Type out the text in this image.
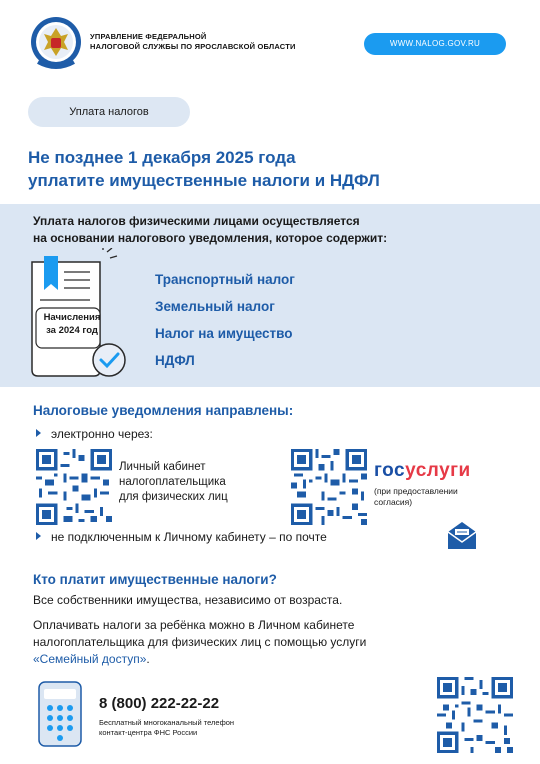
УПРАВЛЕНИЕ ФЕДЕРАЛЬНОЙ
НАЛОГОВОЙ СЛУЖБЫ ПО ЯРОСЛАВСКОЙ ОБЛАСТИ	WWW.NALOG.GOV.RU
Уплата налогов
Не позднее 1 декабря 2025 года
уплатите имущественные налоги и НДФЛ
Уплата налогов физическими лицами осуществляется
на основании налогового уведомления, которое содержит:
Начисления
за 2024 год
Транспортный налог
Земельный налог
Налог на имущество
НДФЛ
Налоговые уведомления направлены:
электронно через:
Личный кабинет
налогоплательщика
для физических лиц
госуслуги
(при предоставлении
согласия)
не подключенным к Личному кабинету – по почте
Кто платит имущественные налоги?
Все собственники имущества, независимо от возраста.
Оплачивать налоги за ребёнка можно в Личном кабинете
налогоплательщика для физических лиц с помощью услуги
«Семейный доступ».
8 (800) 222-22-22
Бесплатный многоканальный телефон
контакт-центра ФНС России
